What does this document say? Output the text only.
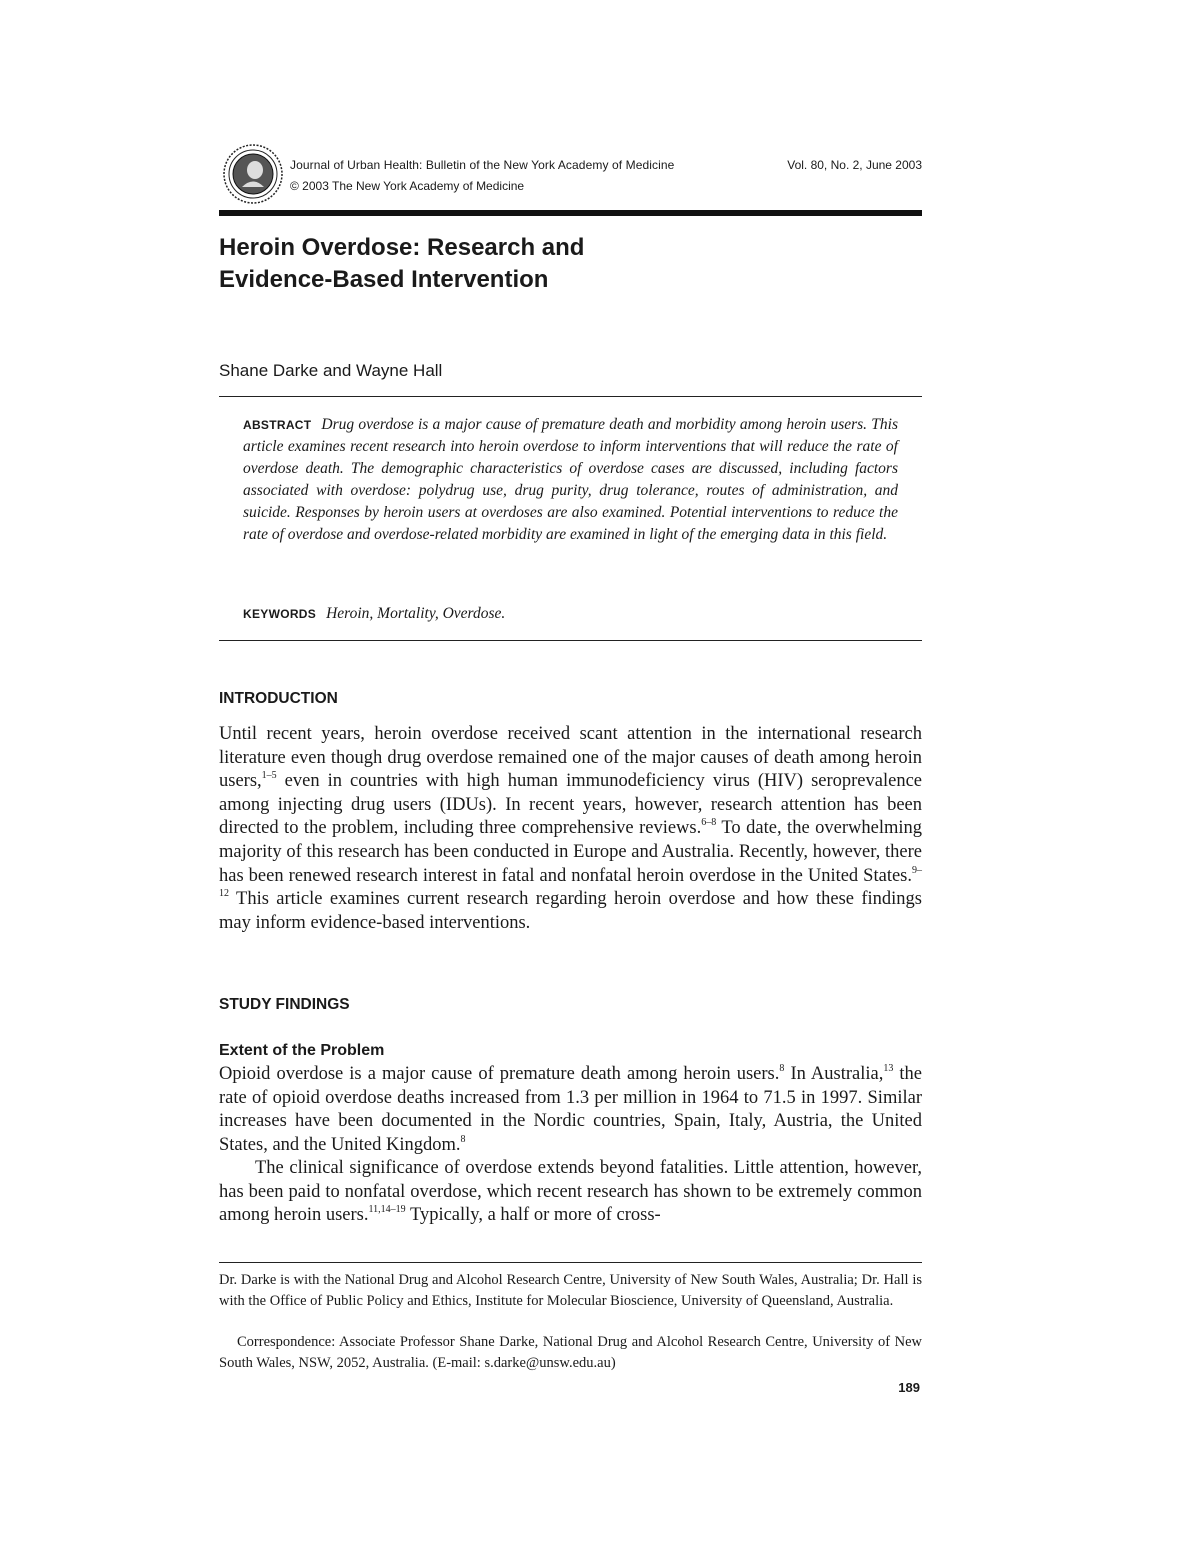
Journal of Urban Health: Bulletin of the New York Academy of Medicine
© 2003 The New York Academy of Medicine
Vol. 80, No. 2, June 2003
Heroin Overdose: Research and
Evidence-Based Intervention
Shane Darke and Wayne Hall

ABSTRACT Drug overdose is a major cause of premature death and morbidity among heroin users. This article examines recent research into heroin overdose to inform interventions that will reduce the rate of overdose death. The demographic characteristics of overdose cases are discussed, including factors associated with overdose: polydrug use, drug purity, drug tolerance, routes of administration, and suicide. Responses by heroin users at overdoses are also examined. Potential interventions to reduce the rate of overdose and overdose-related morbidity are examined in light of the emerging data in this field.

KEYWORDS Heroin, Mortality, Overdose.

INTRODUCTION

Until recent years, heroin overdose received scant attention in the international research literature even though drug overdose remained one of the major causes of death among heroin users,$^{1-5}$ even in countries with high human immunodeficiency virus (HIV) seroprevalence among injecting drug users (IDUs). In recent years, however, research attention has been directed to the problem, including three comprehensive reviews.$^{6-8}$ To date, the overwhelming majority of this research has been conducted in Europe and Australia. Recently, however, there has been renewed research interest in fatal and nonfatal heroin overdose in the United States.$^{9-12}$ This article examines current research regarding heroin overdose and how these findings may inform evidence-based interventions.

STUDY FINDINGS
Extent of the Problem

Opioid overdose is a major cause of premature death among heroin users.$^8$ In Australia,$^{13}$ the rate of opioid overdose deaths increased from 1.3 per million in 1964 to 71.5 in 1997. Similar increases have been documented in the Nordic countries, Spain, Italy, Austria, the United States, and the United Kingdom.$^8$

The clinical significance of overdose extends beyond fatalities. Little attention, however, has been paid to nonfatal overdose, which recent research has shown to be extremely common among heroin users.$^{11,14-19}$ Typically, a half or more of cross-

Dr. Darke is with the National Drug and Alcohol Research Centre, University of New South Wales, Australia; Dr. Hall is with the Office of Public Policy and Ethics, Institute for Molecular Bioscience, University of Queensland, Australia.

Correspondence: Associate Professor Shane Darke, National Drug and Alcohol Research Centre, University of New South Wales, NSW, 2052, Australia. (E-mail: s.darke@unsw.edu.au)

189
